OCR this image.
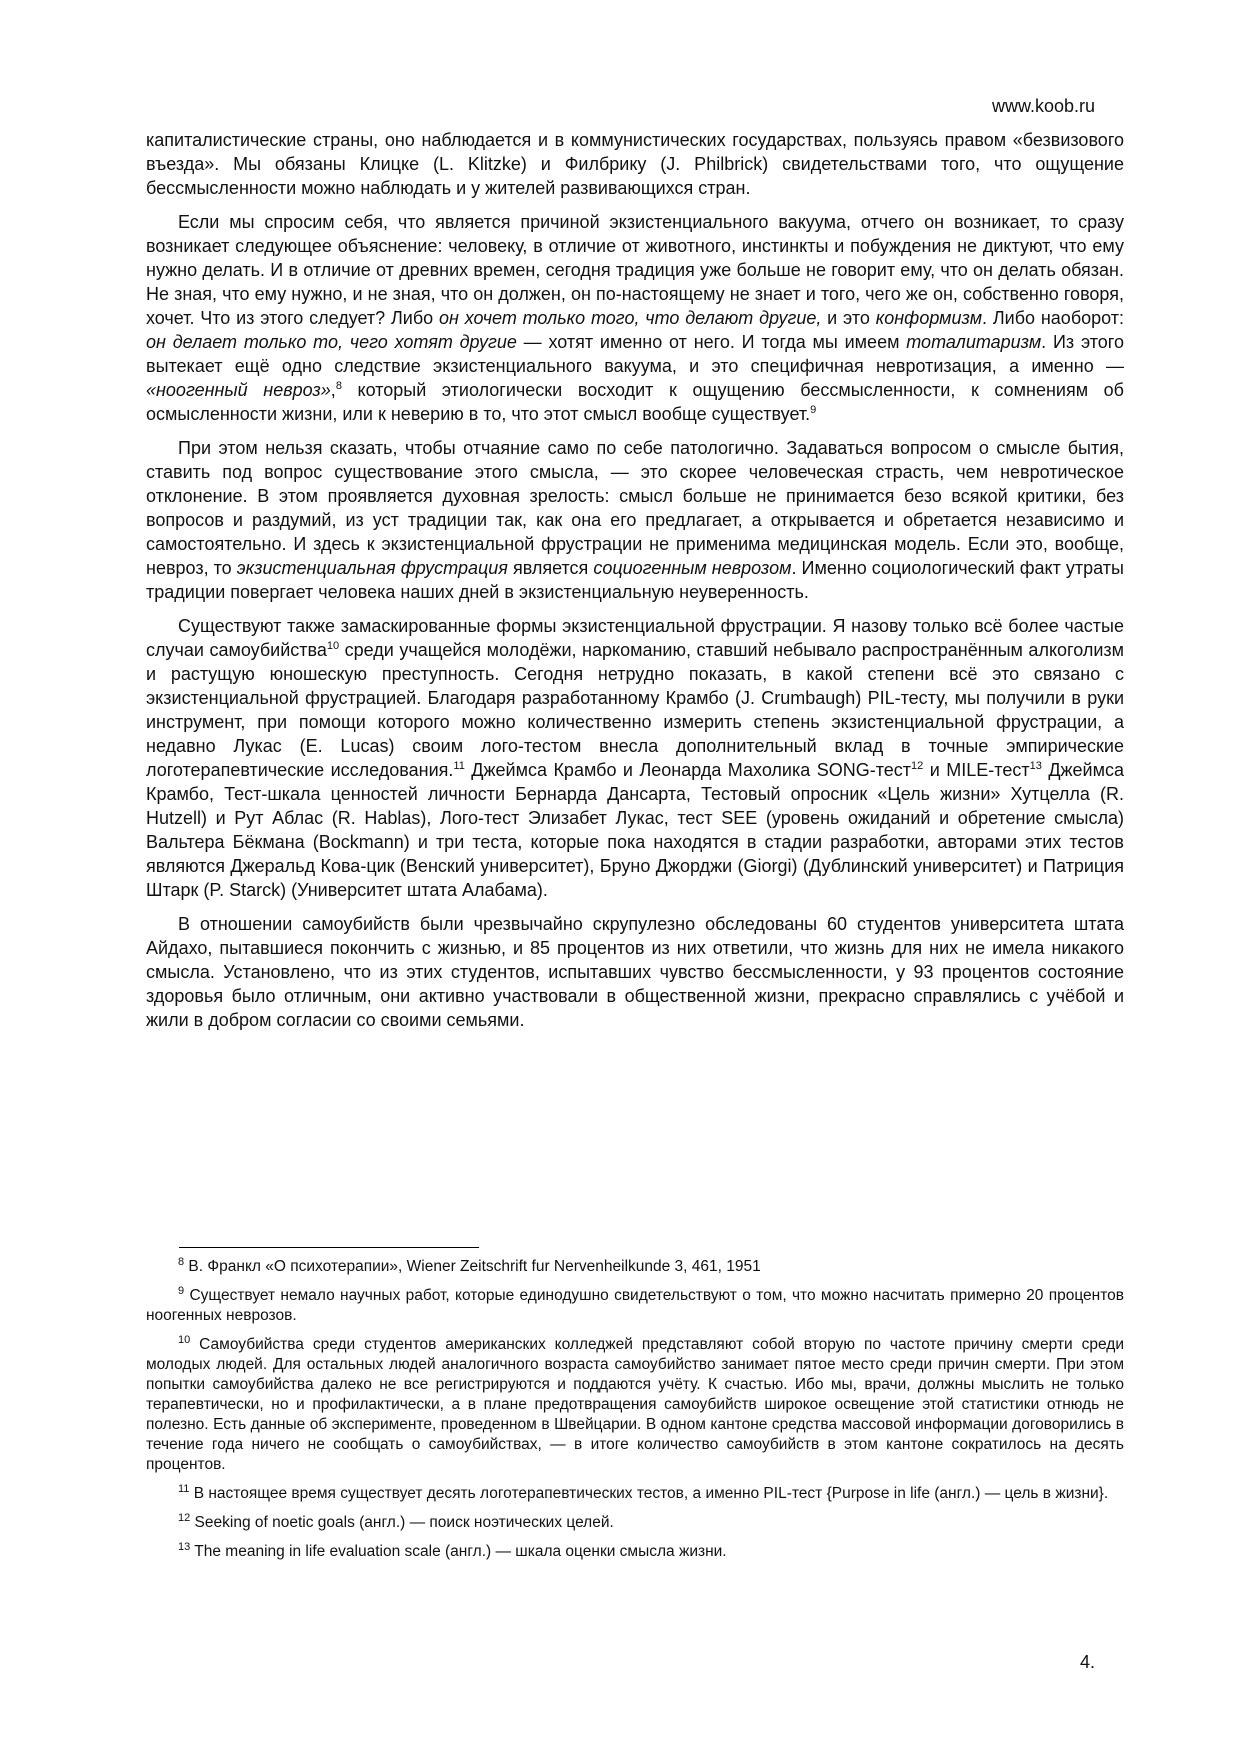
www.koob.ru

капиталистические страны, оно наблюдается и в коммунистических государствах, пользуясь правом «безвизового въезда». Мы обязаны Клицке (L. Klitzke) и Филбрику (J. Philbrick) свидетельствами того, что ощущение бессмысленности можно наблюдать и у жителей развивающихся стран.

Если мы спросим себя, что является причиной экзистенциального вакуума, отчего он возникает, то сразу возникает следующее объяснение: человеку, в отличие от животного, инстинкты и побуждения не диктуют, что ему нужно делать. И в отличие от древних времен, сегодня традиция уже больше не говорит ему, что он делать обязан. Не зная, что ему нужно, и не зная, что он должен, он по-настоящему не знает и того, чего же он, собственно говоря, хочет. Что из этого следует? Либо он хочет только того, что делают другие, и это конформизм. Либо наоборот: он делает только то, чего хотят другие — хотят именно от него. И тогда мы имеем тоталитаризм. Из этого вытекает ещё одно следствие экзистенциального вакуума, и это специфичная невротизация, а именно — «ноогенный невроз»,$^8$ который этиологически восходит к ощущению бессмысленности, к сомнениям об осмысленности жизни, или к неверию в то, что этот смысл вообще существует.$^9$

При этом нельзя сказать, чтобы отчаяние само по себе патологично. Задаваться вопросом о смысле бытия, ставить под вопрос существование этого смысла, — это скорее человеческая страсть, чем невротическое отклонение. В этом проявляется духовная зрелость: смысл больше не принимается безо всякой критики, без вопросов и раздумий, из уст традиции так, как она его предлагает, а открывается и обретается независимо и самостоятельно. И здесь к экзистенциальной фрустрации не применима медицинская модель. Если это, вообще, невроз, то экзистенциальная фрустрация является социогенным неврозом. Именно социологический факт утраты традиции повергает человека наших дней в экзистенциальную неуверенность.

Существуют также замаскированные формы экзистенциальной фрустрации. Я назову только всё более частые случаи самоубийства$^{10}$ среди учащейся молодёжи, наркоманию, ставший небывало распространённым алкоголизм и растущую юношескую преступность. Сегодня нетрудно показать, в какой степени всё это связано с экзистенциальной фрустрацией. Благодаря разработанному Крамбо (J. Crumbaugh) PIL-тесту, мы получили в руки инструмент, при помощи которого можно количественно измерить степень экзистенциальной фрустрации, а недавно Лукас (E. Lucas) своим лого-тестом внесла дополнительный вклад в точные эмпирические логотерапевтические исследования.$^{11}$ Джеймса Крамбо и Леонарда Махолика SONG-тест$^{12}$ и MILE-тест$^{13}$ Джеймса Крамбо, Тест-шкала ценностей личности Бернарда Дансарта, Тестовый опросник «Цель жизни» Хутцелла (R. Hutzell) и Рут Аблас (R. Hablas), Лого-тест Элизабет Лукас, тест SEE (уровень ожиданий и обретение смысла) Вальтера Бёкмана (Bockmann) и три теста, которые пока находятся в стадии разработки, авторами этих тестов являются Джеральд Кова-цик (Венский университет), Бруно Джорджи (Giorgi) (Дублинский университет) и Патриция Штарк (P. Starck) (Университет штата Алабама).

В отношении самоубийств были чрезвычайно скрупулезно обследованы 60 студентов университета штата Айдахо, пытавшиеся покончить с жизнью, и 85 процентов из них ответили, что жизнь для них не имела никакого смысла. Установлено, что из этих студентов, испытавших чувство бессмысленности, у 93 процентов состояние здоровья было отличным, они активно участвовали в общественной жизни, прекрасно справлялись с учёбой и жили в добром согласии со своими семьями.

$^8$ В. Франкл «О психотерапии», Wiener Zeitschrift fur Nervenheilkunde 3, 461, 1951

$^9$ Существует немало научных работ, которые единодушно свидетельствуют о том, что можно насчитать примерно 20 процентов ноогенных неврозов.

$^{10}$ Самоубийства среди студентов американских колледжей представляют собой вторую по частоте причину смерти среди молодых людей. Для остальных людей аналогичного возраста самоубийство занимает пятое место среди причин смерти. При этом попытки самоубийства далеко не все регистрируются и поддаются учёту. К счастью. Ибо мы, врачи, должны мыслить не только терапевтически, но и профилактически, а в плане предотвращения самоубийств широкое освещение этой статистики отнюдь не полезно. Есть данные об эксперименте, проведенном в Швейцарии. В одном кантоне средства массовой информации договорились в течение года ничего не сообщать о самоубийствах, — в итоге количество самоубийств в этом кантоне сократилось на десять процентов.

$^{11}$ В настоящее время существует десять логотерапевтических тестов, а именно PIL-тест {Purpose in life (англ.) — цель в жизни}.

$^{12}$ Seeking of noetic goals (англ.) — поиск ноэтических целей.

$^{13}$ The meaning in life evaluation scale (англ.) — шкала оценки смысла жизни.

4.
